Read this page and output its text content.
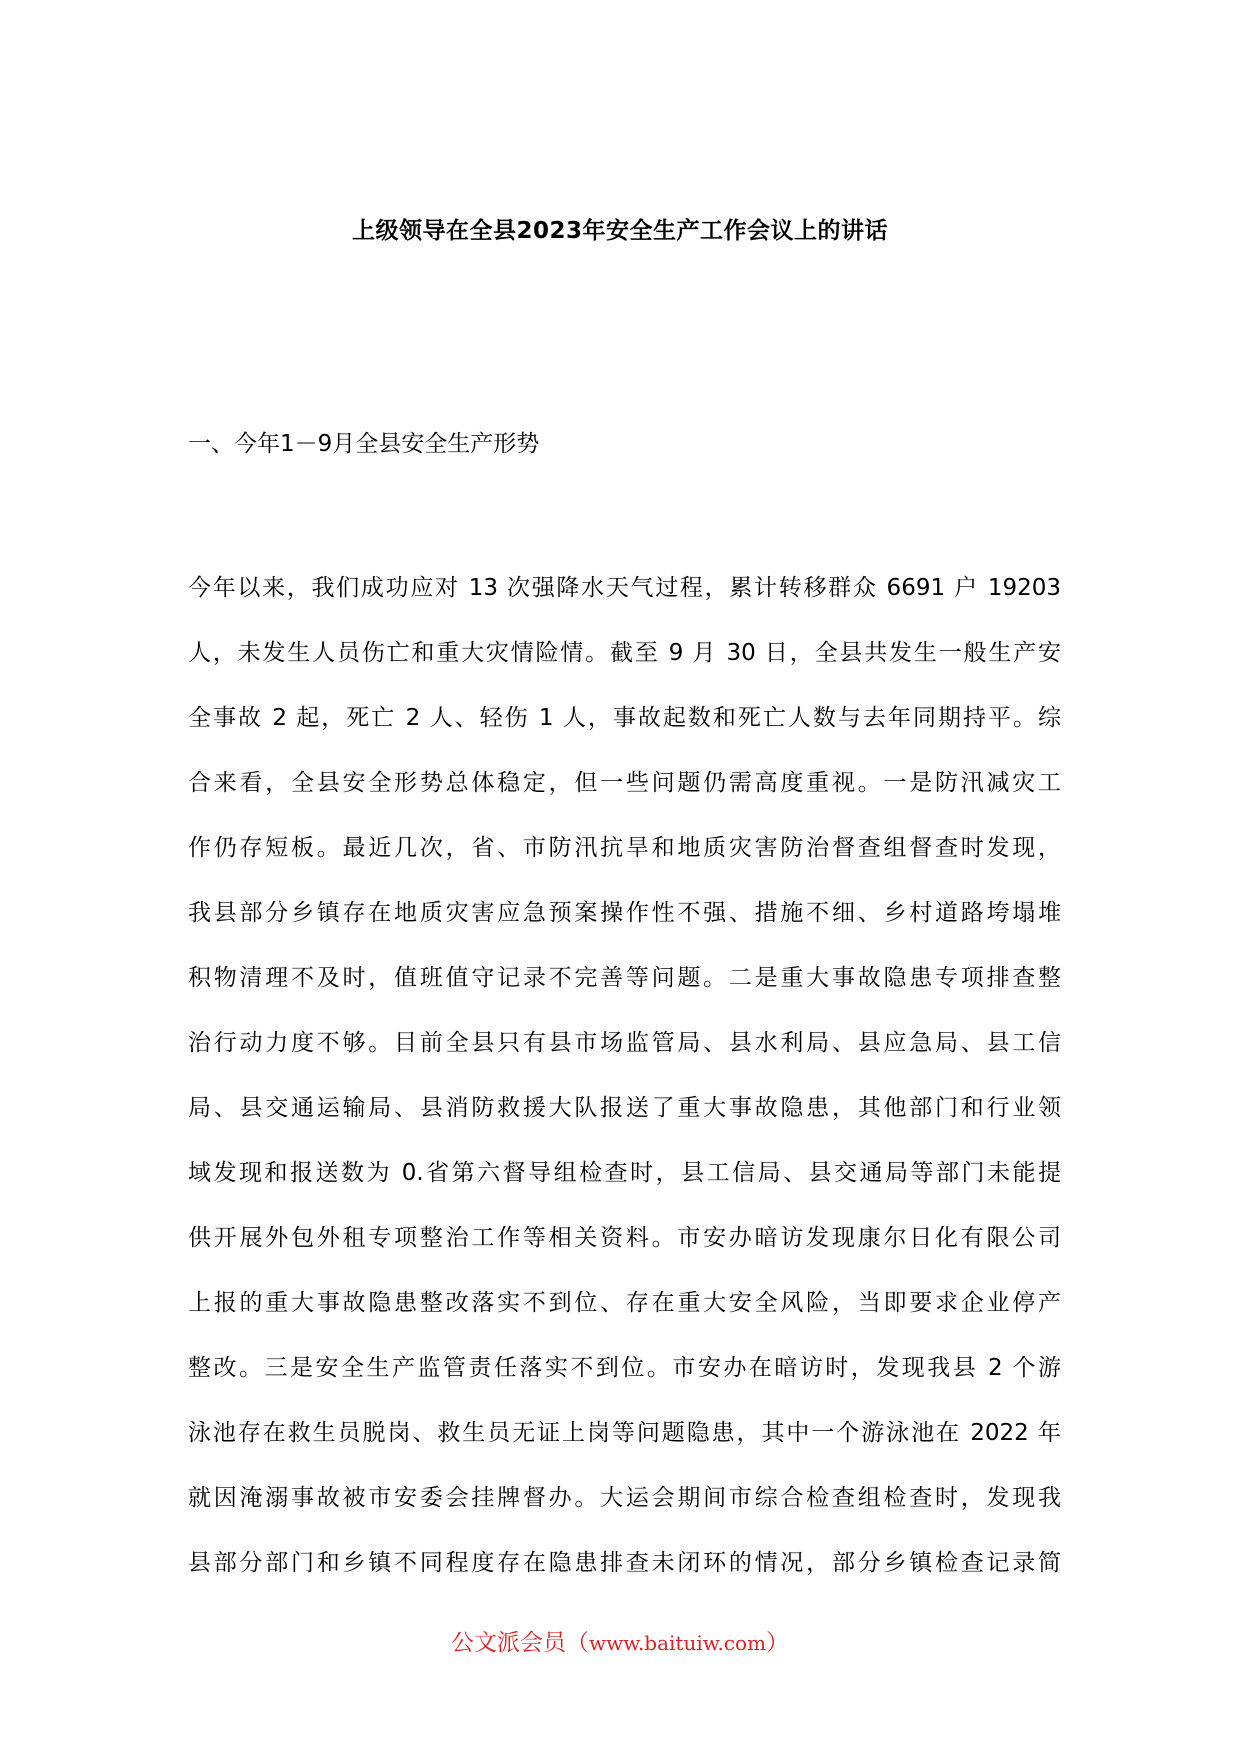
上级领导在全县2023年安全生产工作会议上的讲话
一、今年1－9月全县安全生产形势
今年以来，我们成功应对 13 次强降水天气过程，累计转移群众 6691 户 19203
人，未发生人员伤亡和重大灾情险情。截至 9 月 30 日，全县共发生一般生产安
全事故 2 起，死亡 2 人、轻伤 1 人，事故起数和死亡人数与去年同期持平。综
合来看，全县安全形势总体稳定，但一些问题仍需高度重视。一是防汛减灾工
作仍存短板。最近几次，省、市防汛抗旱和地质灾害防治督查组督查时发现，
我县部分乡镇存在地质灾害应急预案操作性不强、措施不细、乡村道路垮塌堆
积物清理不及时，值班值守记录不完善等问题。二是重大事故隐患专项排查整
治行动力度不够。目前全县只有县市场监管局、县水利局、县应急局、县工信
局、县交通运输局、县消防救援大队报送了重大事故隐患，其他部门和行业领
域发现和报送数为 0.省第六督导组检查时，县工信局、县交通局等部门未能提
供开展外包外租专项整治工作等相关资料。市安办暗访发现康尔日化有限公司
上报的重大事故隐患整改落实不到位、存在重大安全风险，当即要求企业停产
整改。三是安全生产监管责任落实不到位。市安办在暗访时，发现我县 2 个游
泳池存在救生员脱岗、救生员无证上岗等问题隐患，其中一个游泳池在 2022 年
就因淹溺事故被市安委会挂牌督办。大运会期间市综合检查组检查时，发现我
县部分部门和乡镇不同程度存在隐患排查未闭环的情况，部分乡镇检查记录简
公文派会员（www.baituiw.com）
